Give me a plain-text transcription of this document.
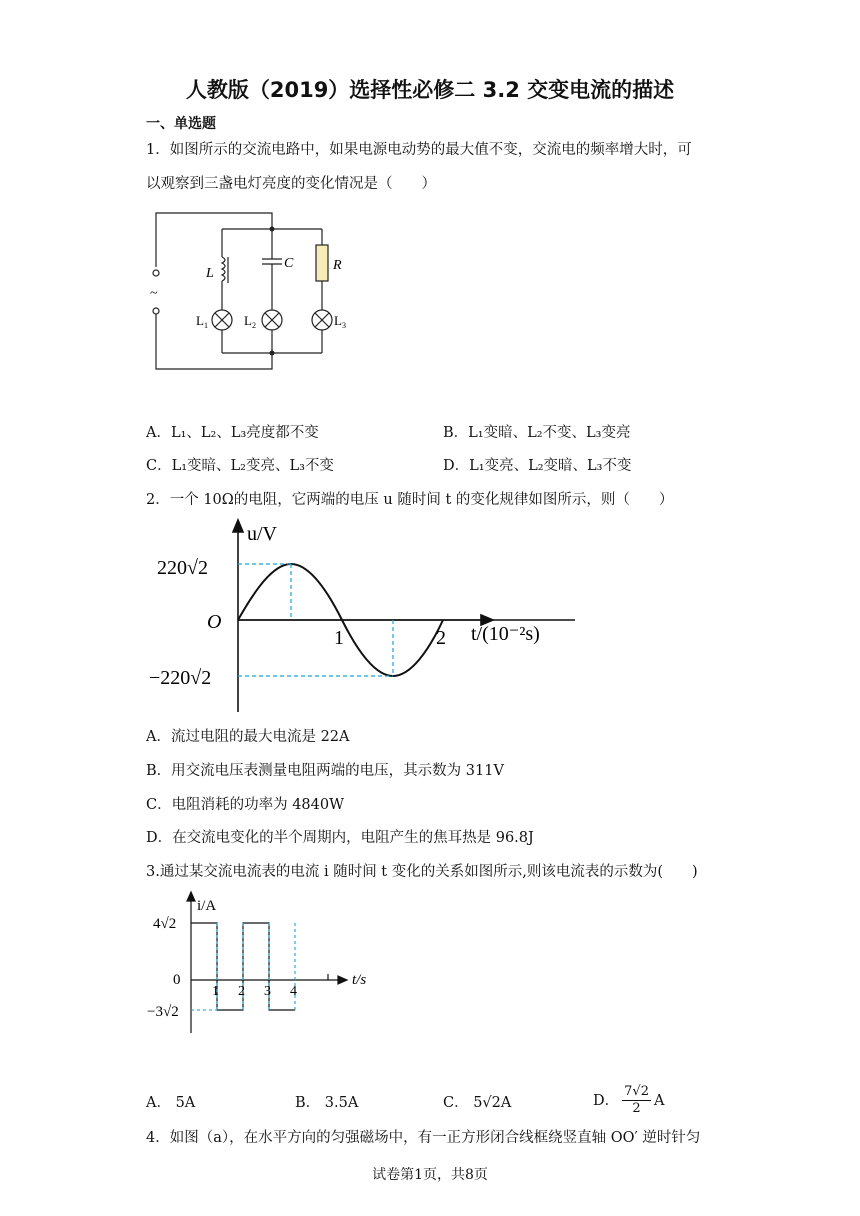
人教版（2019）选择性必修二 3.2 交变电流的描述
一、单选题
1．如图所示的交流电路中，如果电源电动势的最大值不变，交流电的频率增大时，可
以观察到三盏电灯亮度的变化情况是（　　）
~
L
C	R
$L_1$	$L_2$	$L_3$
A．L₁、L₂、L₃亮度都不变	B．L₁变暗、L₂不变、L₃变亮
C．L₁变暗、L₂变亮、L₃不变	D．L₁变亮、L₂变暗、L₃不变
2．一个 10Ω的电阻，它两端的电压 u 随时间 t 的变化规律如图所示，则（　　）
u/V
220√2
O
−220√2
1	2 t/(10⁻²s)
A．流过电阻的最大电流是 22A
B．用交流电压表测量电阻两端的电压，其示数为 311V
C．电阻消耗的功率为 4840W
D．在交流电变化的半个周期内，电阻产生的焦耳热是 96.8J
3.通过某交流电流表的电流 i 随时间 t 变化的关系如图所示,则该电流表的示数为(　　)
i/A
4√2
0
−3√2
1 2 3 4
t/s
A． 5A	B． 3.5A	C． 5√2A	D． $\frac{7√2}{2}$ A
4．如图（a），在水平方向的匀强磁场中，有一正方形闭合线框绕竖直轴 OO′ 逆时针匀
试卷第1页，共8页
